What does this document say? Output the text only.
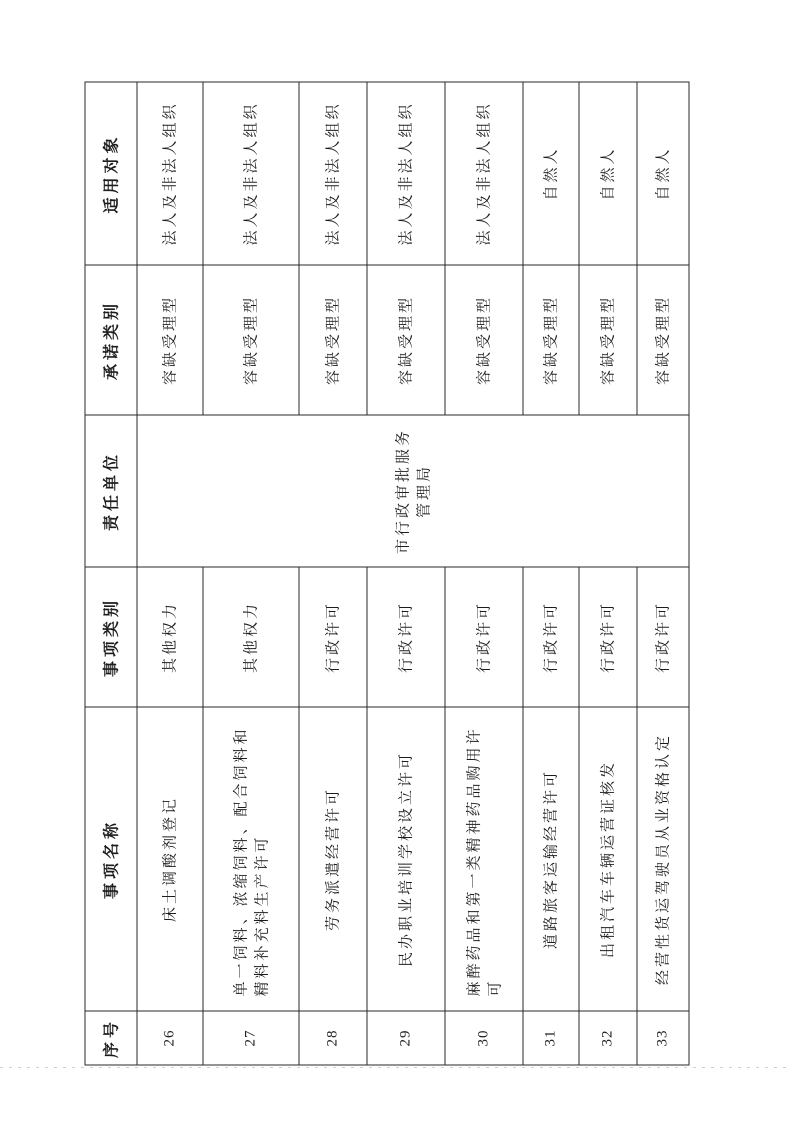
序号	事项名称	事项类别	责任单位	承诺类别	适用对象
26	床土调酸剂登记	其他权力	市行政审批服务管理局	容缺受理型	法人及非法人组织
27	单一饲料、浓缩饲料、配合饲料和精料补充料生产许可	其他权力		容缺受理型	法人及非法人组织
28	劳务派遣经营许可	行政许可		容缺受理型	法人及非法人组织
29	民办职业培训学校设立许可	行政许可		容缺受理型	法人及非法人组织
30	麻醉药品和第一类精神药品购用许可	行政许可		容缺受理型	法人及非法人组织
31	道路旅客运输经营许可	行政许可		容缺受理型	自然人
32	出租汽车车辆运营证核发	行政许可		容缺受理型	自然人
33	经营性货运驾驶员从业资格认定	行政许可		容缺受理型	自然人
